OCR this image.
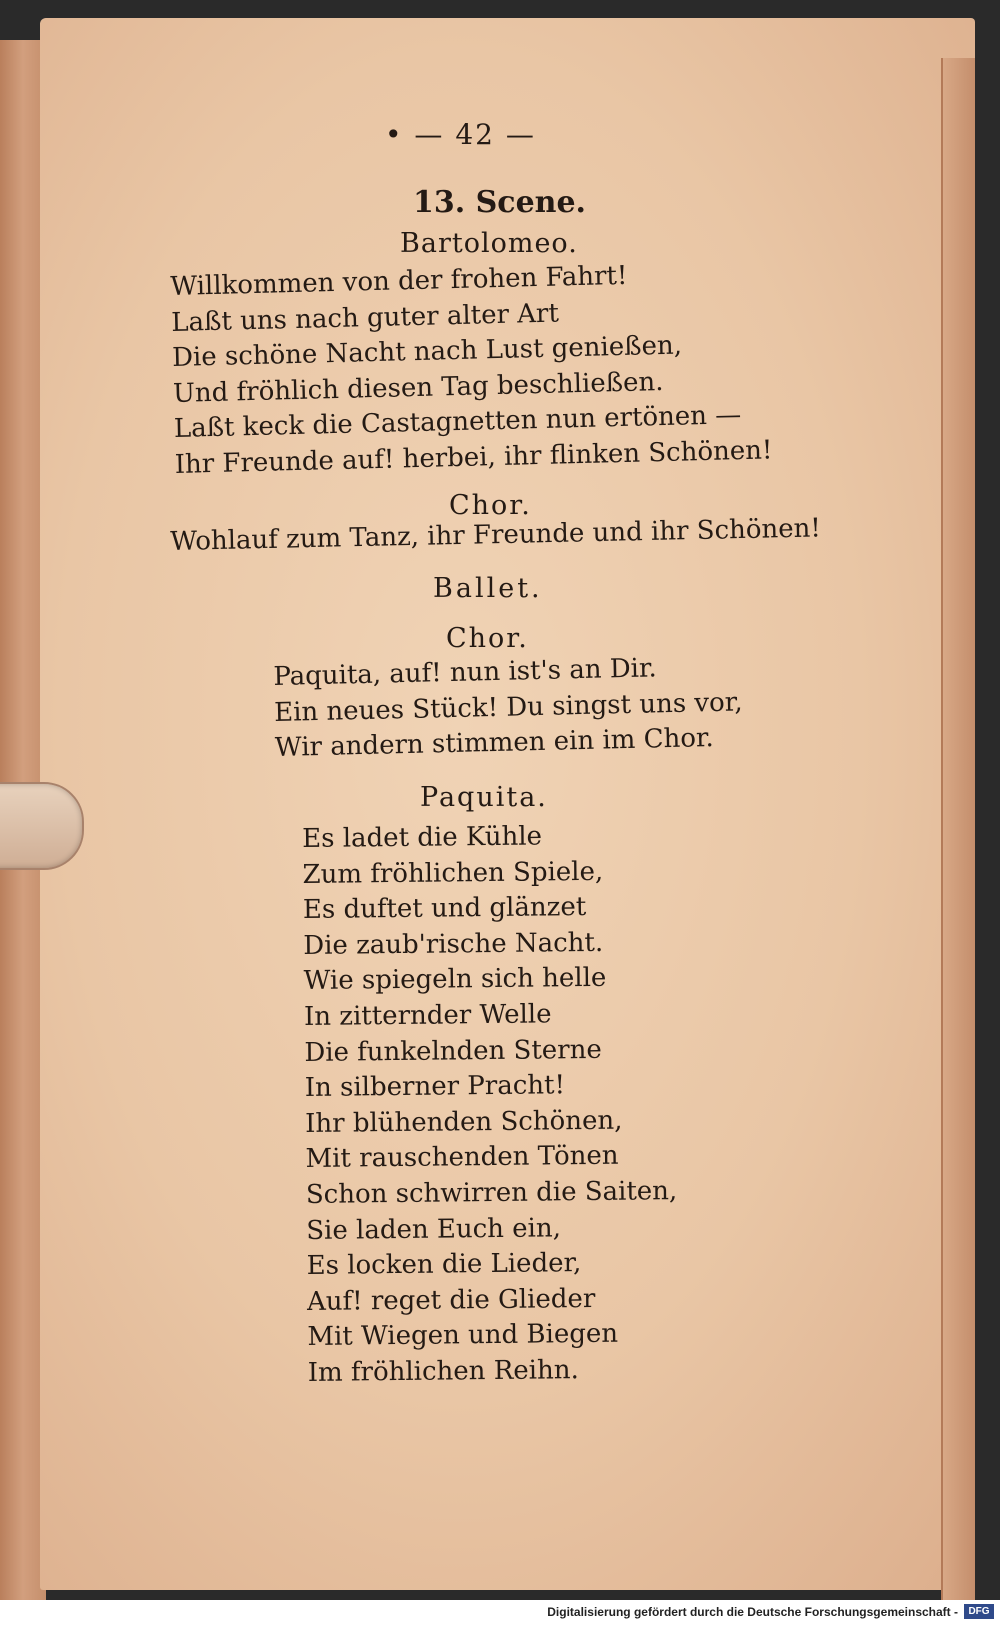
• — 42 —
13. Scene.
Bartolomeo.
Willkommen von der frohen Fahrt!
Laßt uns nach guter alter Art
Die schöne Nacht nach Lust genießen,
Und fröhlich diesen Tag beschließen.
Laßt keck die Castagnetten nun ertönen —
Ihr Freunde auf! herbei, ihr flinken Schönen!
Chor.
Wohlauf zum Tanz, ihr Freunde und ihr Schönen!
Ballet.
Chor.
Paquita, auf! nun ist's an Dir.
Ein neues Stück! Du singst uns vor,
Wir andern stimmen ein im Chor.
Paquita.
Es ladet die Kühle
Zum fröhlichen Spiele,
Es duftet und glänzet
Die zaub'rische Nacht.
Wie spiegeln sich helle
In zitternder Welle
Die funkelnden Sterne
In silberner Pracht!
Ihr blühenden Schönen,
Mit rauschenden Tönen
Schon schwirren die Saiten,
Sie laden Euch ein,
Es locken die Lieder,
Auf! reget die Glieder
Mit Wiegen und Biegen
Im fröhlichen Reihn.
Digitalisierung gefördert durch die Deutsche Forschungsgemeinschaft -	DFG
